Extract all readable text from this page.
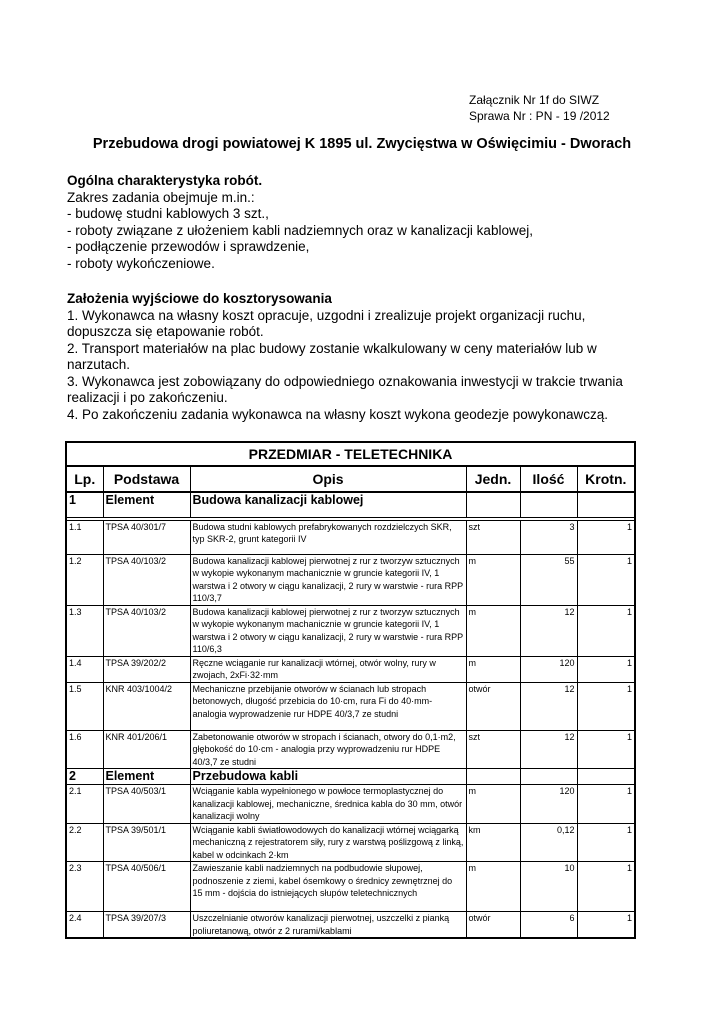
Załącznik Nr 1f do SIWZ
Sprawa Nr : PN - 19 /2012
Przebudowa drogi powiatowej K 1895 ul. Zwycięstwa w Oświęcimiu - Dworach
Ogólna charakterystyka robót.
Zakres zadania obejmuje m.in.:
- budowę studni kablowych 3 szt.,
- roboty związane z ułożeniem kabli nadziemnych oraz w kanalizacji kablowej,
- podłączenie przewodów i sprawdzenie,
- roboty wykończeniowe.
Założenia wyjściowe do kosztorysowania
1. Wykonawca na własny koszt opracuje, uzgodni i zrealizuje projekt organizacji ruchu,
dopuszcza się etapowanie robót.
2. Transport materiałów na plac budowy zostanie wkalkulowany w ceny materiałów lub w
narzutach.
3. Wykonawca jest zobowiązany do odpowiedniego oznakowania inwestycji w trakcie trwania
realizacji i po zakończeniu.
4. Po zakończeniu zadania wykonawca na własny koszt wykona geodezje powykonawczą.
PRZEDMIAR - TELETECHNIKA					
Lp.	Podstawa	Opis	Jedn.	Ilość	Krotn.
1	Element	Budowa kanalizacji kablowej			

1.1	TPSA 40/301/7	Budowa studni kablowych prefabrykowanych rozdzielczych SKR, typ SKR-2, grunt kategorii IV	szt	3	1
1.2	TPSA 40/103/2	Budowa kanalizacji kablowej pierwotnej z rur z tworzyw sztucznych w wykopie wykonanym machanicznie w gruncie kategorii IV, 1 warstwa i 2 otwory w ciągu kanalizacji, 2 rury w warstwie - rura RPP 110/3,7	m	55	1
1.3	TPSA 40/103/2	Budowa kanalizacji kablowej pierwotnej z rur z tworzyw sztucznych w wykopie wykonanym machanicznie w gruncie kategorii IV, 1 warstwa i 2 otwory w ciągu kanalizacji, 2 rury w warstwie - rura RPP 110/6,3	m	12	1
1.4	TPSA 39/202/2	Ręczne wciąganie rur kanalizacji wtórnej, otwór wolny, rury w zwojach, 2xFi·32·mm	m	120	1
1.5	KNR 403/1004/2	Mechaniczne przebijanie otworów w ścianach lub stropach betonowych, długość przebicia do 10·cm, rura Fi do 40·mm- analogia wyprowadzenie rur HDPE 40/3,7 ze studni	otwór	12	1
1.6	KNR 401/206/1	Zabetonowanie otworów w stropach i ścianach, otwory do 0,1·m2, głębokość do 10·cm - analogia przy wyprowadzeniu rur HDPE 40/3,7 ze studni	szt	12	1
2	Element	Przebudowa kabli			
2.1	TPSA 40/503/1	Wciąganie kabla wypełnionego w powłoce termoplastycznej do kanalizacji kablowej, mechaniczne, średnica kabla do 30 mm, otwór kanalizacji wolny	m	120	1
2.2	TPSA 39/501/1	Wciąganie kabli światłowodowych do kanalizacji wtórnej wciągarką mechaniczną z rejestratorem siły, rury z warstwą poślizgową z linką, kabel w odcinkach 2·km	km	0,12	1
2.3	TPSA 40/506/1	Zawieszanie kabli nadziemnych na podbudowie słupowej, podnoszenie z ziemi, kabel ósemkowy o średnicy zewnętrznej do 15 mm - dojścia do istniejących słupów teletechnicznych	m	10	1
2.4	TPSA 39/207/3	Uszczelnianie otworów kanalizacji pierwotnej, uszczelki z pianką poliuretanową, otwór z 2 rurami/kablami	otwór	6	1
